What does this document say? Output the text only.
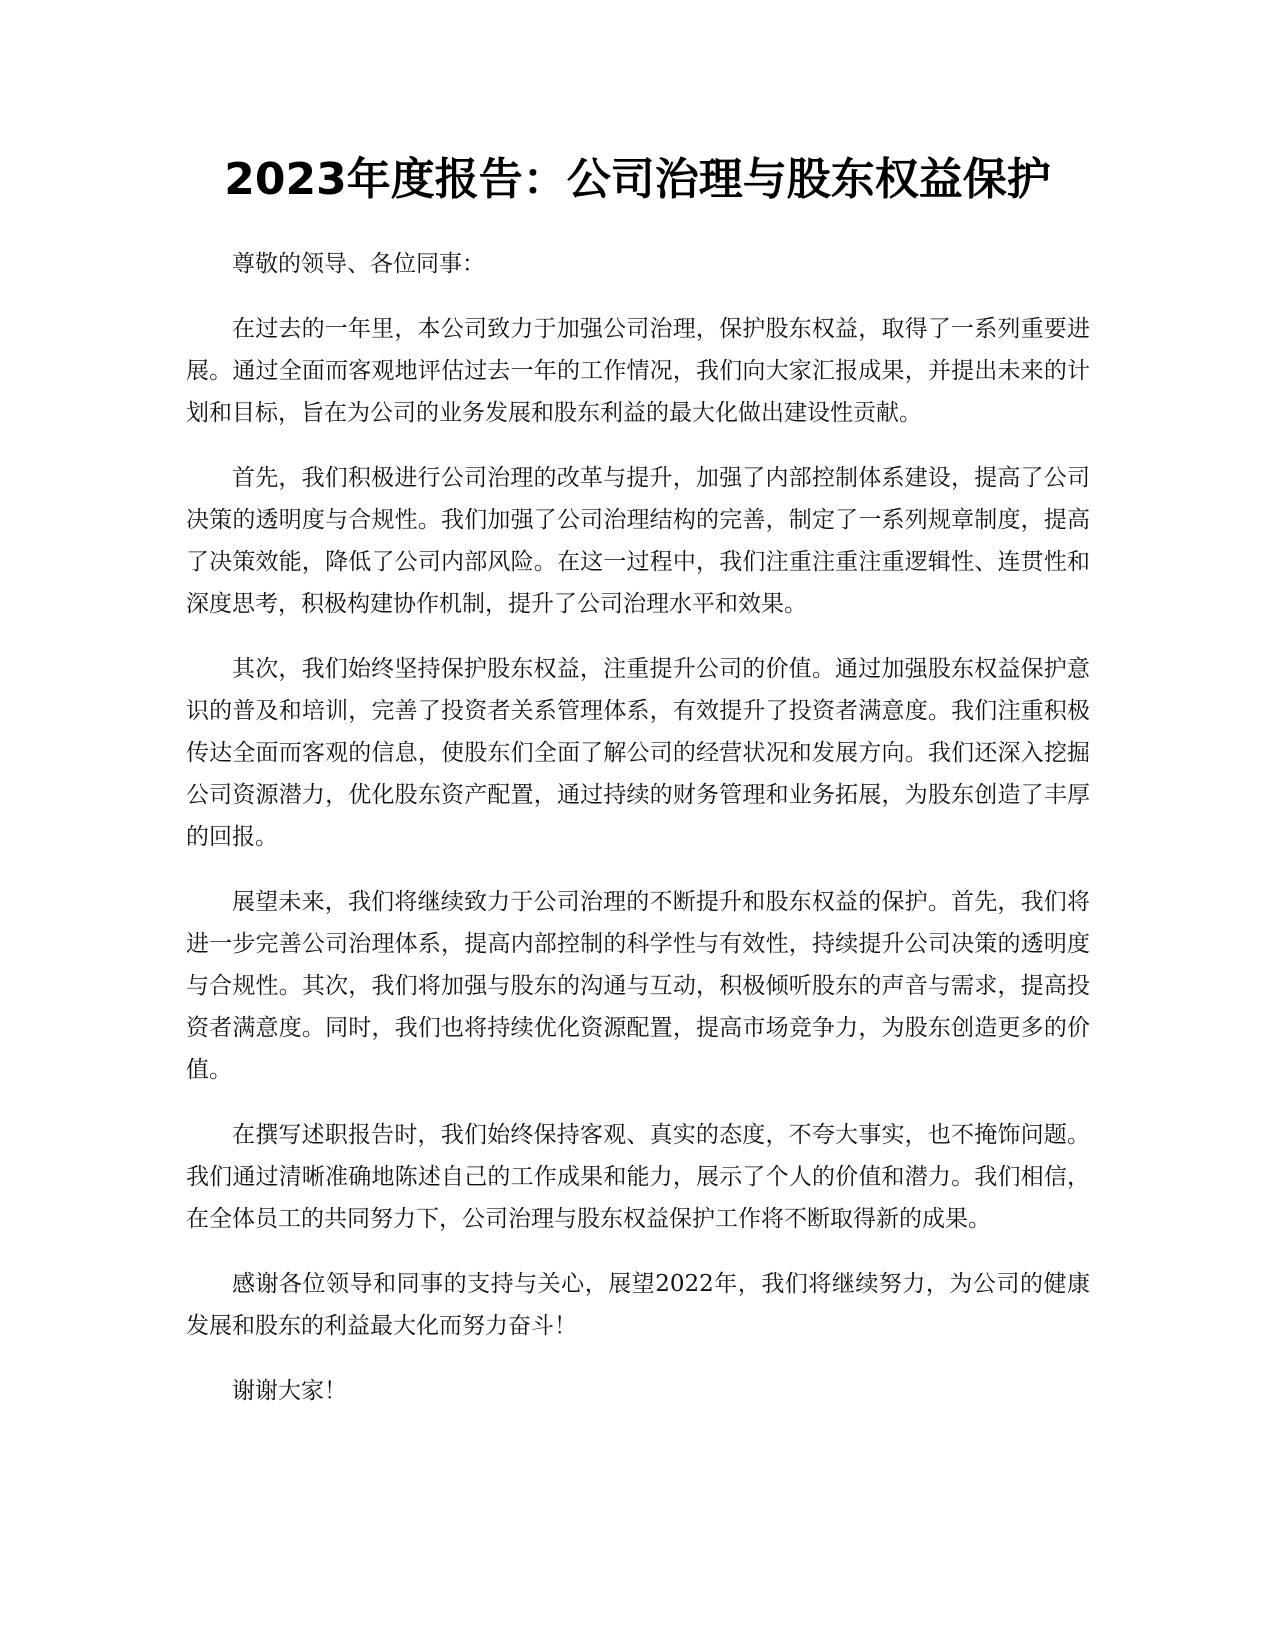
2023年度报告：公司治理与股东权益保护

尊敬的领导、各位同事：

在过去的一年里，本公司致力于加强公司治理，保护股东权益，取得了一系列重要进展。通过全面而客观地评估过去一年的工作情况，我们向大家汇报成果，并提出未来的计划和目标，旨在为公司的业务发展和股东利益的最大化做出建设性贡献。

首先，我们积极进行公司治理的改革与提升，加强了内部控制体系建设，提高了公司决策的透明度与合规性。我们加强了公司治理结构的完善，制定了一系列规章制度，提高了决策效能，降低了公司内部风险。在这一过程中，我们注重注重注重逻辑性、连贯性和深度思考，积极构建协作机制，提升了公司治理水平和效果。

其次，我们始终坚持保护股东权益，注重提升公司的价值。通过加强股东权益保护意识的普及和培训，完善了投资者关系管理体系，有效提升了投资者满意度。我们注重积极传达全面而客观的信息，使股东们全面了解公司的经营状况和发展方向。我们还深入挖掘公司资源潜力，优化股东资产配置，通过持续的财务管理和业务拓展，为股东创造了丰厚的回报。

展望未来，我们将继续致力于公司治理的不断提升和股东权益的保护。首先，我们将进一步完善公司治理体系，提高内部控制的科学性与有效性，持续提升公司决策的透明度与合规性。其次，我们将加强与股东的沟通与互动，积极倾听股东的声音与需求，提高投资者满意度。同时，我们也将持续优化资源配置，提高市场竞争力，为股东创造更多的价值。

在撰写述职报告时，我们始终保持客观、真实的态度，不夸大事实，也不掩饰问题。我们通过清晰准确地陈述自己的工作成果和能力，展示了个人的价值和潜力。我们相信，在全体员工的共同努力下，公司治理与股东权益保护工作将不断取得新的成果。

感谢各位领导和同事的支持与关心，展望2022年，我们将继续努力，为公司的健康发展和股东的利益最大化而努力奋斗！

谢谢大家！
